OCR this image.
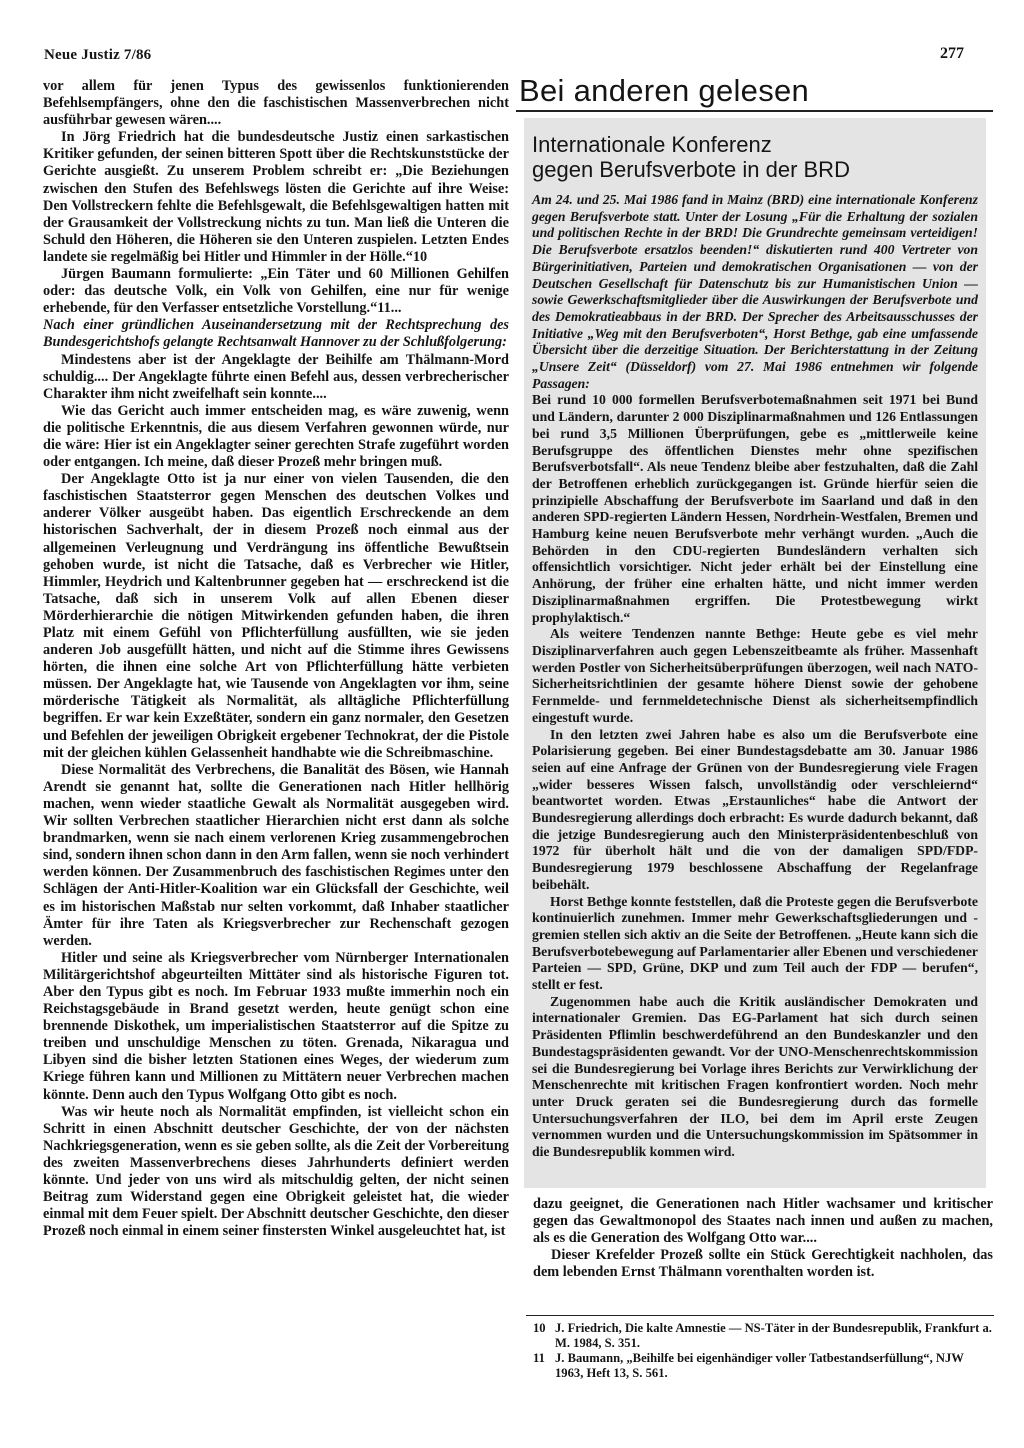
Neue Justiz 7/86	277

vor allem für jenen Typus des gewissenlos funktionierenden Befehlsempfängers, ohne den die faschistischen Massenverbrechen nicht ausführbar gewesen wären....

In Jörg Friedrich hat die bundesdeutsche Justiz einen sarkastischen Kritiker gefunden, der seinen bitteren Spott über die Rechtskunststücke der Gerichte ausgießt. Zu unserem Problem schreibt er: „Die Beziehungen zwischen den Stufen des Befehlswegs lösten die Gerichte auf ihre Weise: Den Vollstreckern fehlte die Befehlsgewalt, die Befehlsgewaltigen hatten mit der Grausamkeit der Vollstreckung nichts zu tun. Man ließ die Unteren die Schuld den Höheren, die Höheren sie den Unteren zuspielen. Letzten Endes landete sie regelmäßig bei Hitler und Himmler in der Hölle.“10

Jürgen Baumann formulierte: „Ein Täter und 60 Millionen Gehilfen oder: das deutsche Volk, ein Volk von Gehilfen, eine nur für wenige erhebende, für den Verfasser entsetzliche Vorstellung.“11...

Nach einer gründlichen Auseinandersetzung mit der Rechtsprechung des Bundesgerichtshofs gelangte Rechtsanwalt Hannover zu der Schlußfolgerung:

Mindestens aber ist der Angeklagte der Beihilfe am Thälmann-Mord schuldig.... Der Angeklagte führte einen Befehl aus, dessen verbrecherischer Charakter ihm nicht zweifelhaft sein konnte....

Wie das Gericht auch immer entscheiden mag, es wäre zuwenig, wenn die politische Erkenntnis, die aus diesem Verfahren gewonnen würde, nur die wäre: Hier ist ein Angeklagter seiner gerechten Strafe zugeführt worden oder entgangen. Ich meine, daß dieser Prozeß mehr bringen muß.

Der Angeklagte Otto ist ja nur einer von vielen Tausenden, die den faschistischen Staatsterror gegen Menschen des deutschen Volkes und anderer Völker ausgeübt haben. Das eigentlich Erschreckende an dem historischen Sachverhalt, der in diesem Prozeß noch einmal aus der allgemeinen Verleugnung und Verdrängung ins öffentliche Bewußtsein gehoben wurde, ist nicht die Tatsache, daß es Verbrecher wie Hitler, Himmler, Heydrich und Kaltenbrunner gegeben hat — erschreckend ist die Tatsache, daß sich in unserem Volk auf allen Ebenen dieser Mörderhierarchie die nötigen Mitwirkenden gefunden haben, die ihren Platz mit einem Gefühl von Pflichterfüllung ausfüllten, wie sie jeden anderen Job ausgefüllt hätten, und nicht auf die Stimme ihres Gewissens hörten, die ihnen eine solche Art von Pflichterfüllung hätte verbieten müssen. Der Angeklagte hat, wie Tausende von Angeklagten vor ihm, seine mörderische Tätigkeit als Normalität, als alltägliche Pflichterfüllung begriffen. Er war kein Exzeßtäter, sondern ein ganz normaler, den Gesetzen und Befehlen der jeweiligen Obrigkeit ergebener Technokrat, der die Pistole mit der gleichen kühlen Gelassenheit handhabte wie die Schreibmaschine.

Diese Normalität des Verbrechens, die Banalität des Bösen, wie Hannah Arendt sie genannt hat, sollte die Generationen nach Hitler hellhörig machen, wenn wieder staatliche Gewalt als Normalität ausgegeben wird. Wir sollten Verbrechen staatlicher Hierarchien nicht erst dann als solche brandmarken, wenn sie nach einem verlorenen Krieg zusammengebrochen sind, sondern ihnen schon dann in den Arm fallen, wenn sie noch verhindert werden können. Der Zusammenbruch des faschistischen Regimes unter den Schlägen der Anti-Hitler-Koalition war ein Glücksfall der Geschichte, weil es im historischen Maßstab nur selten vorkommt, daß Inhaber staatlicher Ämter für ihre Taten als Kriegsverbrecher zur Rechenschaft gezogen werden.

Hitler und seine als Kriegsverbrecher vom Nürnberger Internationalen Militärgerichtshof abgeurteilten Mittäter sind als historische Figuren tot. Aber den Typus gibt es noch. Im Februar 1933 mußte immerhin noch ein Reichstagsgebäude in Brand gesetzt werden, heute genügt schon eine brennende Diskothek, um imperialistischen Staatsterror auf die Spitze zu treiben und unschuldige Menschen zu töten. Grenada, Nikaragua und Libyen sind die bisher letzten Stationen eines Weges, der wiederum zum Kriege führen kann und Millionen zu Mittätern neuer Verbrechen machen könnte. Denn auch den Typus Wolfgang Otto gibt es noch.

Was wir heute noch als Normalität empfinden, ist vielleicht schon ein Schritt in einen Abschnitt deutscher Geschichte, der von der nächsten Nachkriegsgeneration, wenn es sie geben sollte, als die Zeit der Vorbereitung des zweiten Massenverbrechens dieses Jahrhunderts definiert werden könnte. Und jeder von uns wird als mitschuldig gelten, der nicht seinen Beitrag zum Widerstand gegen eine Obrigkeit geleistet hat, die wieder einmal mit dem Feuer spielt. Der Abschnitt deutscher Geschichte, den dieser Prozeß noch einmal in einem seiner finstersten Winkel ausgeleuchtet hat, ist

Bei anderen gelesen
Internationale Konferenz
gegen Berufsverbote in der BRD

Am 24. und 25. Mai 1986 fand in Mainz (BRD) eine internationale Konferenz gegen Berufsverbote statt. Unter der Losung „Für die Erhaltung der sozialen und politischen Rechte in der BRD! Die Grundrechte gemeinsam verteidigen! Die Berufsverbote ersatzlos beenden!“ diskutierten rund 400 Vertreter von Bürgerinitiativen, Parteien und demokratischen Organisationen — von der Deutschen Gesellschaft für Datenschutz bis zur Humanistischen Union — sowie Gewerkschaftsmitglieder über die Auswirkungen der Berufsverbote und des Demokratieabbaus in der BRD. Der Sprecher des Arbeitsausschusses der Initiative „Weg mit den Berufsverboten“, Horst Bethge, gab eine umfassende Übersicht über die derzeitige Situation. Der Berichterstattung in der Zeitung „Unsere Zeit“ (Düsseldorf) vom 27. Mai 1986 entnehmen wir folgende Passagen:

Bei rund 10 000 formellen Berufsverbotemaßnahmen seit 1971 bei Bund und Ländern, darunter 2 000 Disziplinarmaßnahmen und 126 Entlassungen bei rund 3,5 Millionen Überprüfungen, gebe es „mittlerweile keine Berufsgruppe des öffentlichen Dienstes mehr ohne spezifischen Berufsverbotsfall“. Als neue Tendenz bleibe aber festzuhalten, daß die Zahl der Betroffenen erheblich zurückgegangen ist. Gründe hierfür seien die prinzipielle Abschaffung der Berufsverbote im Saarland und daß in den anderen SPD-regierten Ländern Hessen, Nordrhein-Westfalen, Bremen und Hamburg keine neuen Berufsverbote mehr verhängt wurden. „Auch die Behörden in den CDU-regierten Bundesländern verhalten sich offensichtlich vorsichtiger. Nicht jeder erhält bei der Einstellung eine Anhörung, der früher eine erhalten hätte, und nicht immer werden Disziplinarmaßnahmen ergriffen. Die Protestbewegung wirkt prophylaktisch.“

Als weitere Tendenzen nannte Bethge: Heute gebe es viel mehr Disziplinarverfahren auch gegen Lebenszeitbeamte als früher. Massenhaft werden Postler von Sicherheitsüberprüfungen überzogen, weil nach NATO-Sicherheitsrichtlinien der gesamte höhere Dienst sowie der gehobene Fernmelde- und fernmeldetechnische Dienst als sicherheitsempfindlich eingestuft wurde.

In den letzten zwei Jahren habe es also um die Berufsverbote eine Polarisierung gegeben. Bei einer Bundestagsdebatte am 30. Januar 1986 seien auf eine Anfrage der Grünen von der Bundesregierung viele Fragen „wider besseres Wissen falsch, unvollständig oder verschleiernd“ beantwortet worden. Etwas „Erstaunliches“ habe die Antwort der Bundesregierung allerdings doch erbracht: Es wurde dadurch bekannt, daß die jetzige Bundesregierung auch den Ministerpräsidentenbeschluß von 1972 für überholt hält und die von der damaligen SPD/FDP-Bundesregierung 1979 beschlossene Abschaffung der Regelanfrage beibehält.

Horst Bethge konnte feststellen, daß die Proteste gegen die Berufsverbote kontinuierlich zunehmen. Immer mehr Gewerkschaftsgliederungen und -gremien stellen sich aktiv an die Seite der Betroffenen. „Heute kann sich die Berufsverbotebewegung auf Parlamentarier aller Ebenen und verschiedener Parteien — SPD, Grüne, DKP und zum Teil auch der FDP — berufen“, stellt er fest.

Zugenommen habe auch die Kritik ausländischer Demokraten und internationaler Gremien. Das EG-Parlament hat sich durch seinen Präsidenten Pflimlin beschwerdeführend an den Bundeskanzler und den Bundestagspräsidenten gewandt. Vor der UNO-Menschenrechtskommission sei die Bundesregierung bei Vorlage ihres Berichts zur Verwirklichung der Menschenrechte mit kritischen Fragen konfrontiert worden. Noch mehr unter Druck geraten sei die Bundesregierung durch das formelle Untersuchungsverfahren der ILO, bei dem im April erste Zeugen vernommen wurden und die Untersuchungskommission im Spätsommer in die Bundesrepublik kommen wird.

dazu geeignet, die Generationen nach Hitler wachsamer und kritischer gegen das Gewaltmonopol des Staates nach innen und außen zu machen, als es die Generation des Wolfgang Otto war....

Dieser Krefelder Prozeß sollte ein Stück Gerechtigkeit nachholen, das dem lebenden Ernst Thälmann vorenthalten worden ist.

10 J. Friedrich, Die kalte Amnestie — NS-Täter in der Bundesrepublik, Frankfurt a. M. 1984, S. 351.
11 J. Baumann, „Beihilfe bei eigenhändiger voller Tatbestandserfüllung“, NJW 1963, Heft 13, S. 561.
